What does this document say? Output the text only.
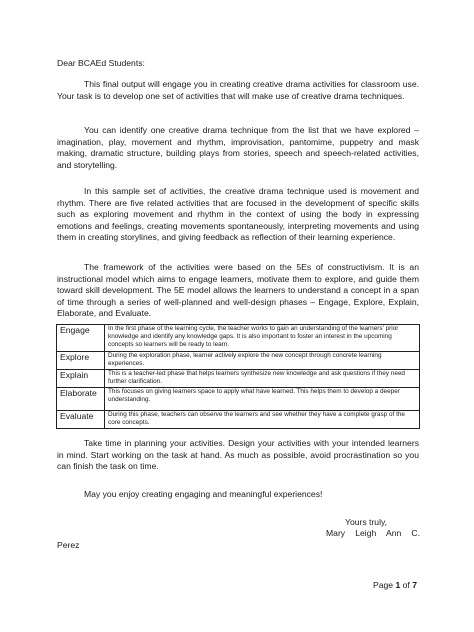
Dear BCAEd Students:

This final output will engage you in creating creative drama activities for classroom use. Your task is to develop one set of activities that will make use of creative drama techniques.

You can identify one creative drama technique from the list that we have explored – imagination, play, movement and rhythm, improvisation, pantomime, puppetry and mask making, dramatic structure, building plays from stories, speech and speech-related activities, and storytelling.

In this sample set of activities, the creative drama technique used is movement and rhythm. There are five related activities that are focused in the development of specific skills such as exploring movement and rhythm in the context of using the body in expressing emotions and feelings, creating movements spontaneously, interpreting movements and using them in creating storylines, and giving feedback as reflection of their learning experience.

The framework of the activities were based on the 5Es of constructivism. It is an instructional model which aims to engage learners, motivate them to explore, and guide them toward skill development. The 5E model allows the learners to understand a concept in a span of time through a series of well-planned and well-design phases – Engage, Explore, Explain, Elaborate, and Evaluate.

Engage	In the first phase of the learning cycle, the teacher works to gain an understanding of the learners' prior knowledge and identify any knowledge gaps. It is also important to foster an interest in the upcoming concepts so learners will be ready to learn.
Explore	During the exploration phase, learner actively explore the new concept through concrete learning experiences.
Explain	This is a teacher-led phase that helps learners synthesize new knowledge and ask questions if they need further clarification.
Elaborate	This focuses on giving learners space to apply what have learned. This helps them to develop a deeper understanding.
Evaluate	During this phase, teachers can observe the learners and see whether they have a complete grasp of the core concepts.

Take time in planning your activities. Design your activities with your intended learners in mind. Start working on the task at hand. As much as possible, avoid procrastination so you can finish the task on time.

May you enjoy creating engaging and meaningful experiences!

Yours truly,

Mary Leigh Ann C.

Perez

Page 1 of 7
